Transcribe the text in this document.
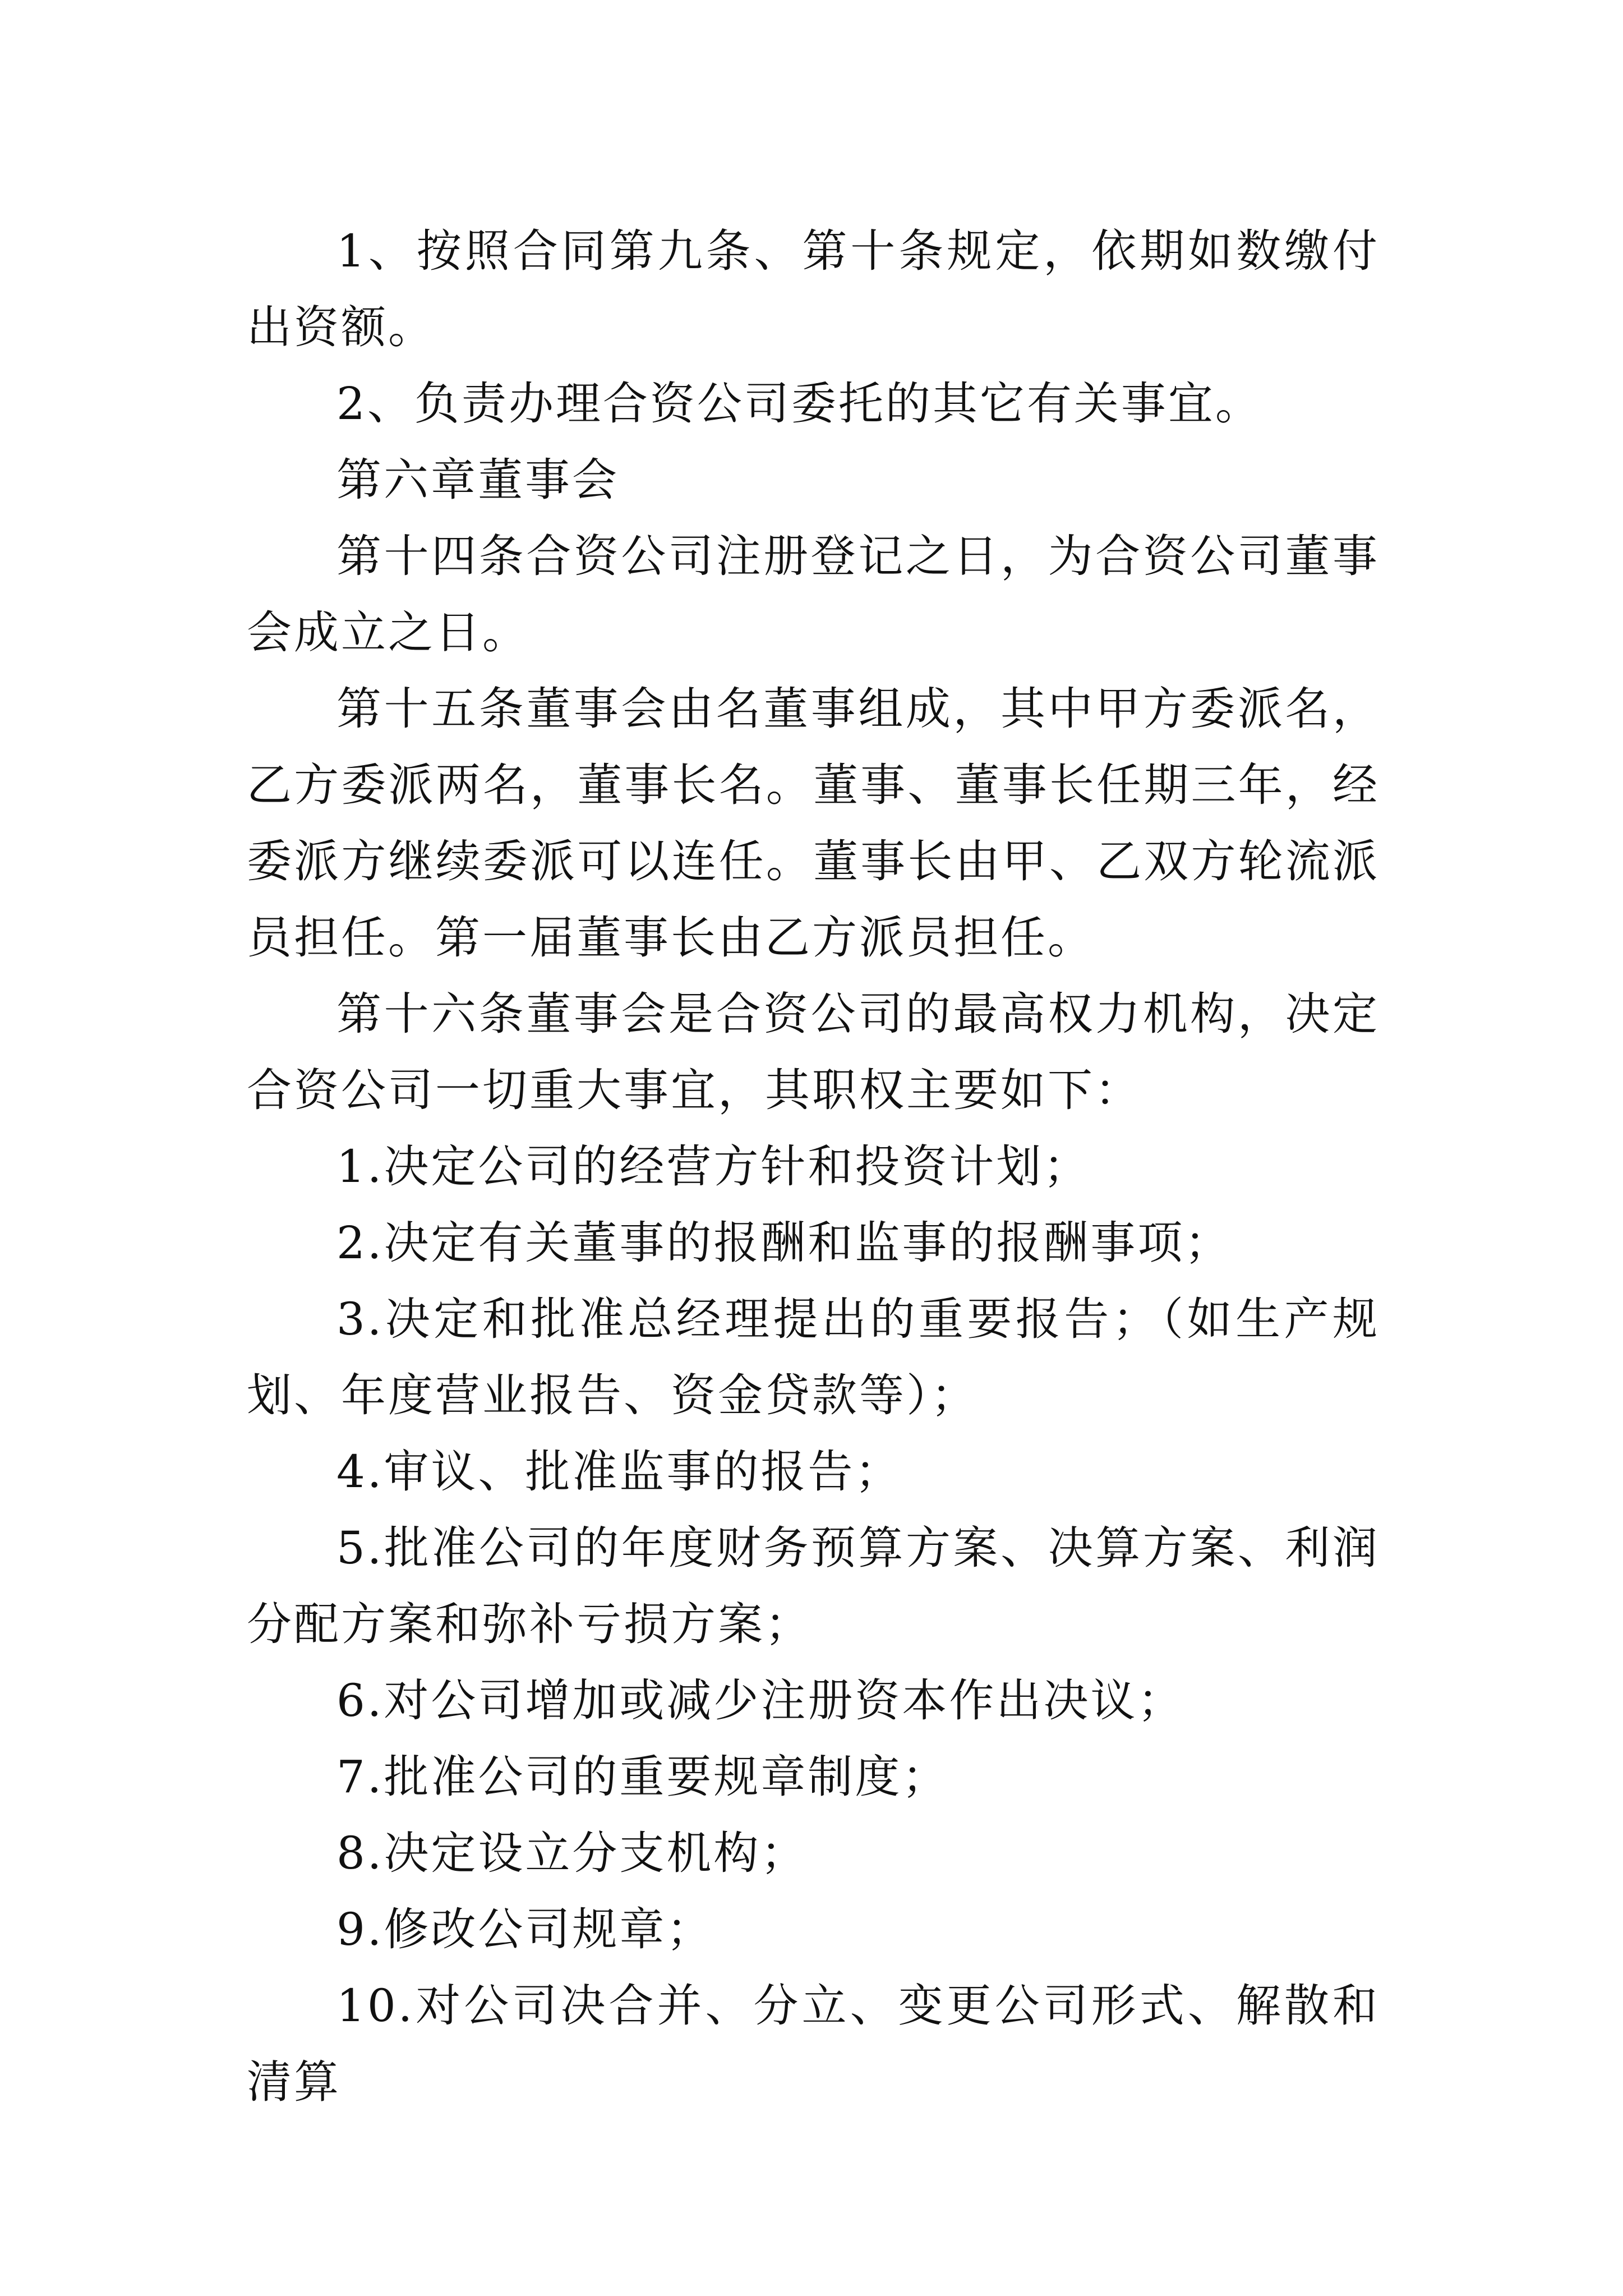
1、按照合同第九条、第十条规定，依期如数缴付出资额。

2、负责办理合资公司委托的其它有关事宜。

第六章董事会

第十四条合资公司注册登记之日，为合资公司董事会成立之日。

第十五条董事会由名董事组成，其中甲方委派名，乙方委派两名，董事长名。董事、董事长任期三年，经委派方继续委派可以连任。董事长由甲、乙双方轮流派员担任。第一届董事长由乙方派员担任。

第十六条董事会是合资公司的最高权力机构，决定合资公司一切重大事宜，其职权主要如下：

1.决定公司的经营方针和投资计划；

2.决定有关董事的报酬和监事的报酬事项；

3.决定和批准总经理提出的重要报告；（如生产规划、年度营业报告、资金贷款等）；

4.审议、批准监事的报告；

5.批准公司的年度财务预算方案、决算方案、利润分配方案和弥补亏损方案；

6.对公司增加或减少注册资本作出决议；

7.批准公司的重要规章制度；

8.决定设立分支机构；

9.修改公司规章；

10.对公司决合并、分立、变更公司形式、解散和清算
